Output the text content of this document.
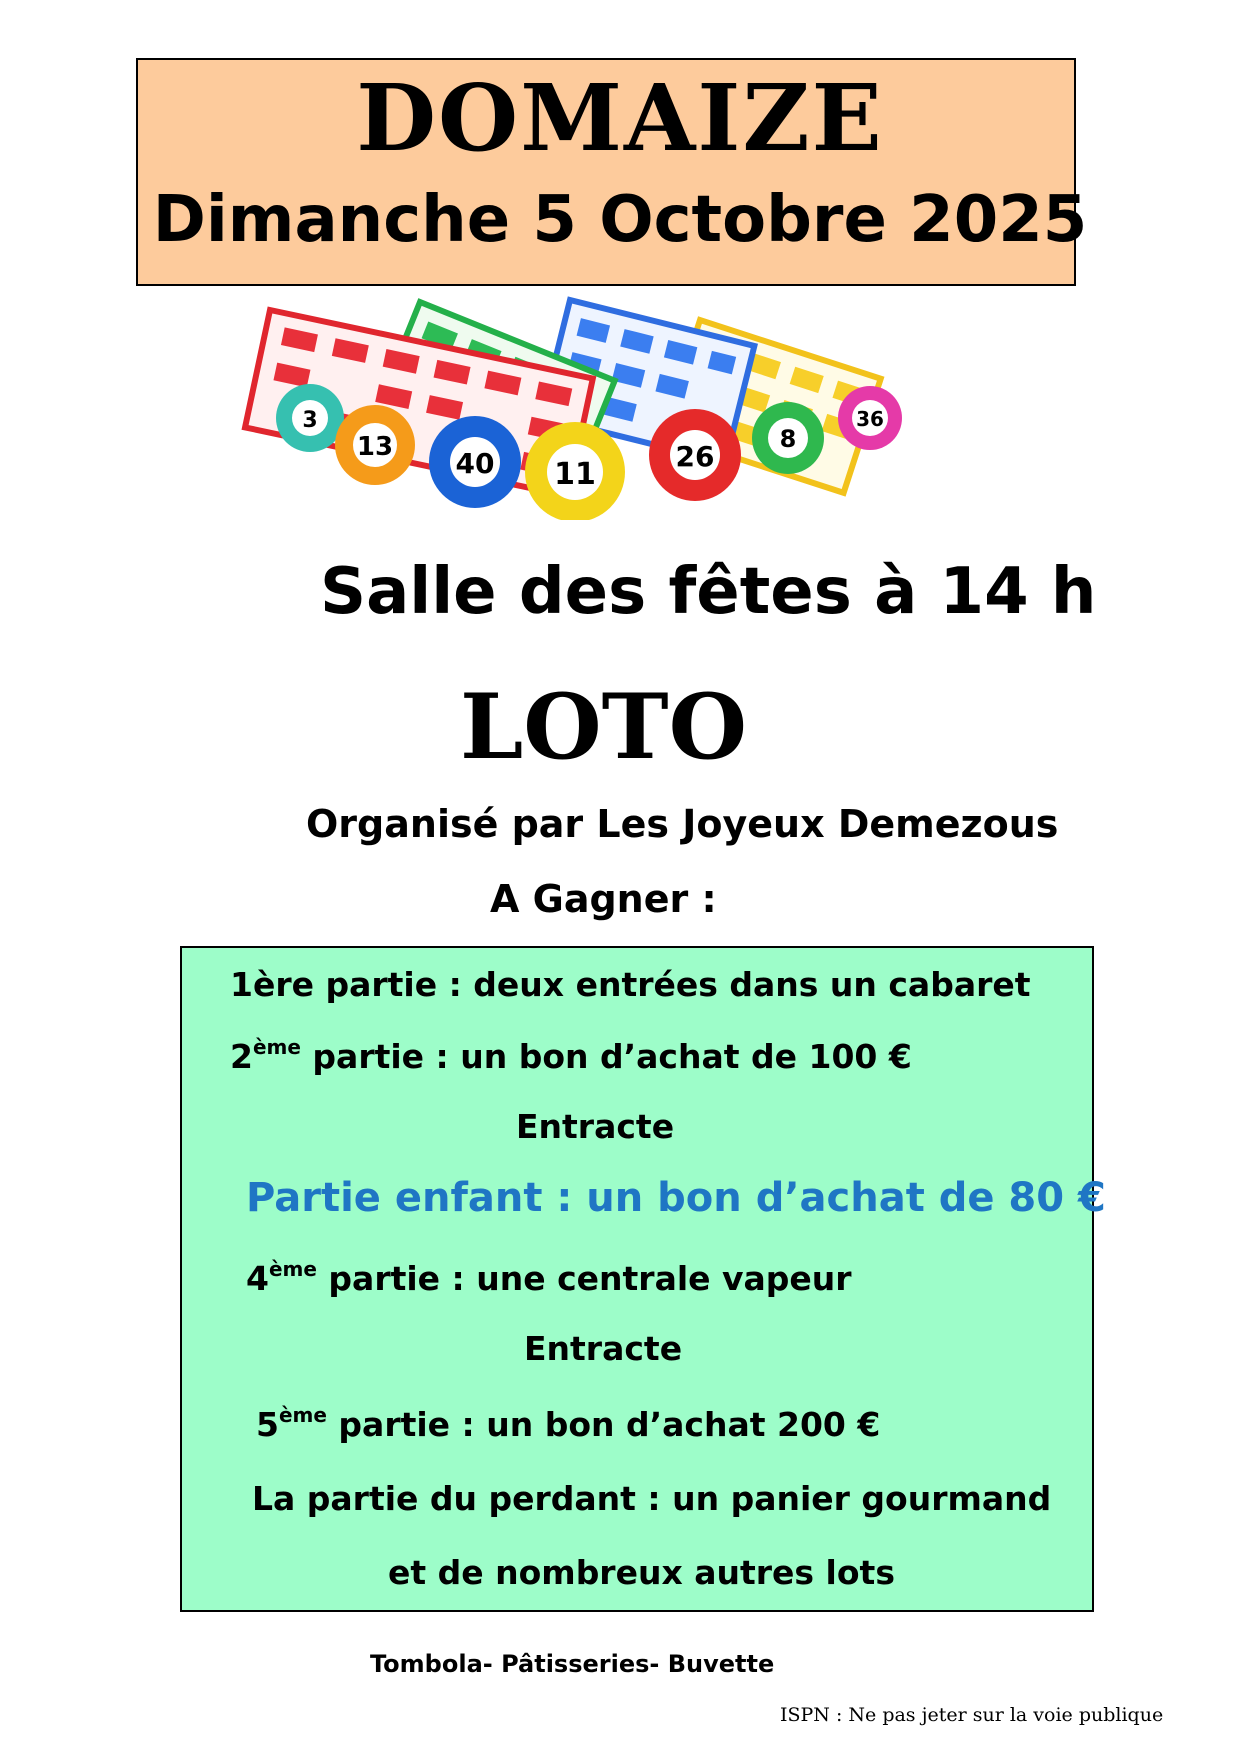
DOMAIZE
Dimanche 5 Octobre 2025
3
13 40 11
26
8
36
Salle des fêtes à 14 h
LOTO
Organisé par Les Joyeux Demezous
A Gagner :
1ère partie : deux entrées dans un cabaret
2ème partie : un bon d’achat de 100 €
Entracte
Partie enfant : un bon d’achat de 80 €
4ème partie : une centrale vapeur
Entracte
5ème partie : un bon d’achat 200 €
La partie du perdant : un panier gourmand
et de nombreux autres lots
Tombola- Pâtisseries- Buvette
ISPN : Ne pas jeter sur la voie publique
